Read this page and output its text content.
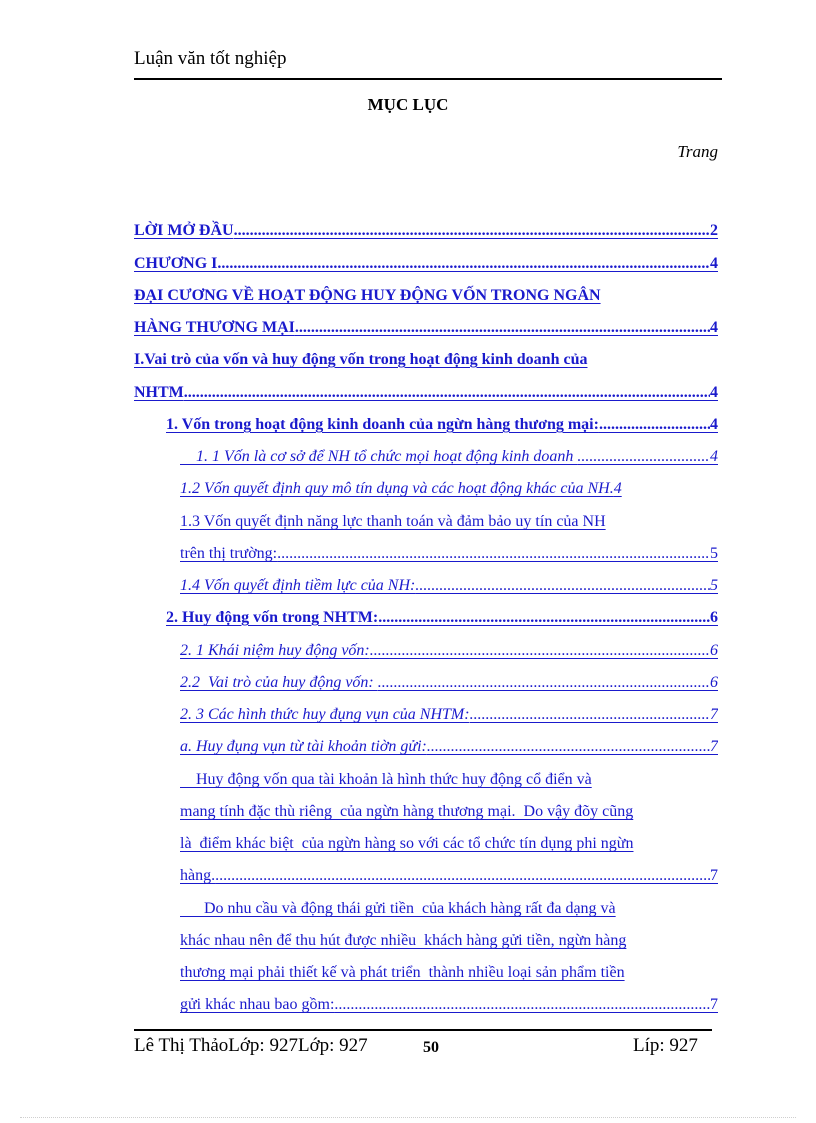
Luận văn tốt nghiệp
MỤC LỤC
Trang
LỜI MỞ ĐẦU .....	2
CHƯƠNG I .....	4
ĐẠI CƯƠNG VỀ HOẠT ĐỘNG HUY ĐỘNG VỐN TRONG NGÂN
HÀNG THƯƠNG MẠI .....	4
I.Vai trò của vốn và huy động vốn trong hoạt động kinh doanh của
NHTM .....	4
1. Vốn trong hoạt động kinh doanh của ngừn hàng thương mại: .....	4
1. 1 Vốn là cơ sở để NH tổ chức mọi hoạt động kinh doanh .....	4
1.2 Vốn quyết định quy mô tín dụng và các hoạt động khác của NH. 4
1.3 Vốn quyết định năng lực thanh toán và đảm bảo uy tín của NH
trên thị trường: .....	5
1.4 Vốn quyết định tiềm lực của NH: .....	5
2. Huy động vốn trong NHTM: .....	6
2. 1 Khái niệm huy động vốn: .....	6
2.2  Vai trò của huy động vốn: .....	6
2. 3 Các hình thức huy đụng vụn của NHTM: .....	7
a. Huy đụng vụn từ tài khoản tiờn gửi: .....	7
Huy động vốn qua tài khoản là hình thức huy động cổ điển và
mang tính đặc thù riêng  của ngừn hàng thương mại.  Do vậy đõy cũng
là  điểm khác biệt  của ngừn hàng so với các tổ chức tín dụng phi ngừn
hàng. .....	7
Do nhu cầu và động thái gửi tiền  của khách hàng rất đa dạng và
khác nhau nên để thu hút được nhiều  khách hàng gửi tiền, ngừn hàng
thương mại phải thiết kế và phát triển  thành nhiều loại sản phẩm tiền
gửi khác nhau bao gồm: .....	7
Lê Thị ThảoLớp: 927Lớp: 927	50	Líp: 927
